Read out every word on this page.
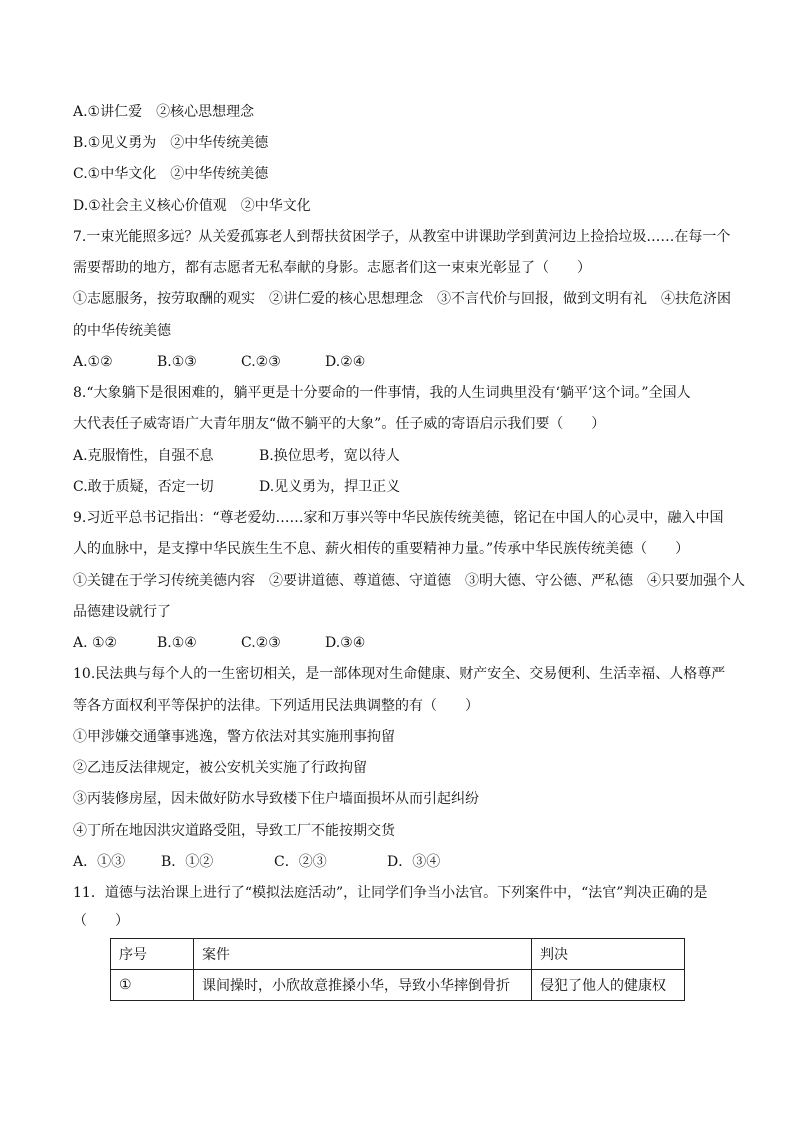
A.①讲仁爱　②核心思想理念
B.①见义勇为　②中华传统美德
C.①中华文化　②中华传统美德
D.①社会主义核心价值观　②中华文化
7.一束光能照多远？从关爱孤寡老人到帮扶贫困学子，从教室中讲课助学到黄河边上捡拾垃圾……在每一个
需要帮助的地方，都有志愿者无私奉献的身影。志愿者们这一束束光彰显了（　　）
①志愿服务，按劳取酬的观实　②讲仁爱的核心思想理念　③不言代价与回报，做到文明有礼　④扶危济困
的中华传统美德
A.①②	B.①③	C.②③	D.②④
8.“大象躺下是很困难的，躺平更是十分要命的一件事情，我的人生词典里没有‘躺平’这个词。”全国人
大代表任子威寄语广大青年朋友“做不躺平的大象”。任子威的寄语启示我们要（　　）
A.克服惰性，自强不息	B.换位思考，宽以待人
C.敢于质疑，否定一切	D.见义勇为，捍卫正义
9.习近平总书记指出：“尊老爱幼……家和万事兴等中华民族传统美德，铭记在中国人的心灵中，融入中国
人的血脉中，是支撑中华民族生生不息、薪火相传的重要精神力量。”传承中华民族传统美德（　　）
①关键在于学习传统美德内容　②要讲道德、尊道德、守道德　③明大德、守公德、严私德　④只要加强个人
品德建设就行了
A. ①②	B.①④	C.②③	D.③④
10.民法典与每个人的一生密切相关，是一部体现对生命健康、财产安全、交易便利、生活幸福、人格尊严
等各方面权利平等保护的法律。下列适用民法典调整的有（　　）
①甲涉嫌交通肇事逃逸，警方依法对其实施刑事拘留
②乙违反法律规定，被公安机关实施了行政拘留
③丙装修房屋，因未做好防水导致楼下住户墙面损坏从而引起纠纷
④丁所在地因洪灾道路受阻，导致工厂不能按期交货
A．①③	B．①②	C．②③	D．③④
11．道德与法治课上进行了“模拟法庭活动”，让同学们争当小法官。下列案件中，“法官”判决正确的是
（　　）
序号	案件	判决
①	课间操时，小欣故意推搡小华，导致小华摔倒骨折	侵犯了他人的健康权
